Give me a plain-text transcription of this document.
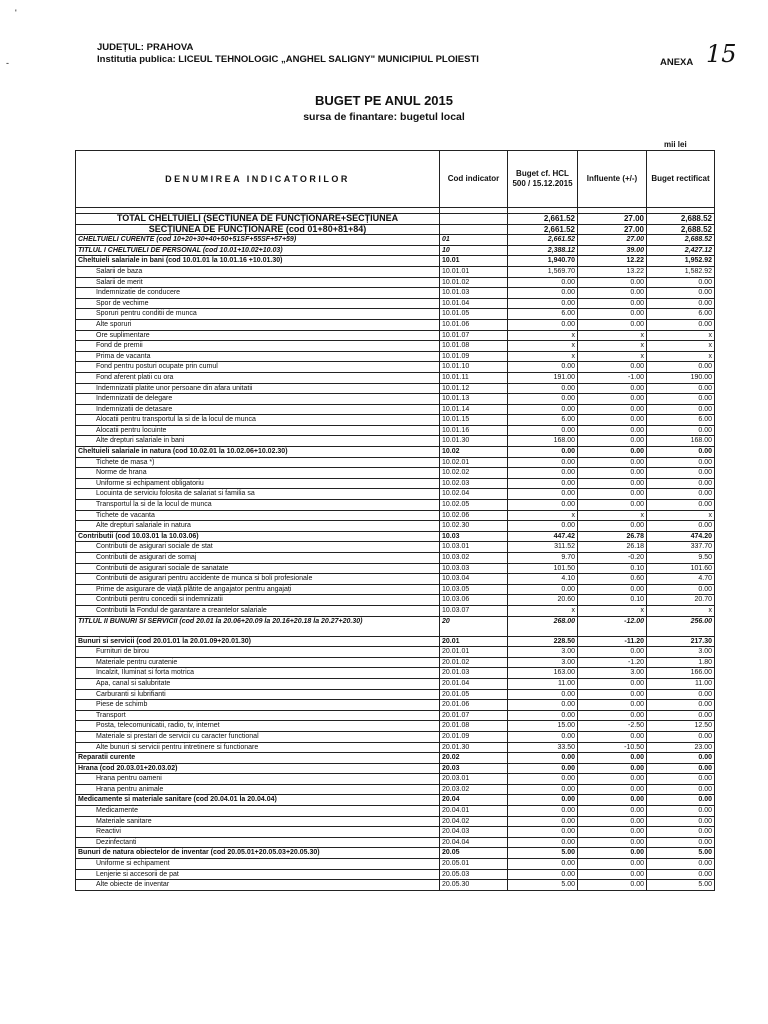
'
-
JUDEȚUL: PRAHOVA
Institutia publica: LICEUL TEHNOLOGIC „ANGHEL SALIGNY" MUNICIPIUL PLOIESTI	ANEXA 15
BUGET PE ANUL 2015
sursa de finantare: bugetul local
mii lei
DENUMIREA INDICATORILOR	Cod indicator	Buget cf. HCL 500 / 15.12.2015	Influente (+/-)	Buget rectificat

TOTAL CHELTUIELI (SECTIUNEA DE FUNCȚIONARE+SECȚIUNEA		2,661.52	27.00	2,688.52
SECȚIUNEA DE FUNCȚIONARE (cod 01+80+81+84)		2,661.52	27.00	2,688.52
CHELTUIELI CURENTE (cod 10+20+30+40+50+51SF+55SF+57+59)	01	2,661.52	27.00	2,688.52
TITLUL I CHELTUIELI DE PERSONAL (cod 10.01+10.02+10.03)	10	2,388.12	39.00	2,427.12
Cheltuieli salariale in bani (cod 10.01.01 la 10.01.16 +10.01.30)	10.01	1,940.70	12.22	1,952.92
Salarii de baza	10.01.01	1,569.70	13.22	1,582.92
Salarii de merit	10.01.02	0.00	0.00	0.00
Indemnizatie de conducere	10.01.03	0.00	0.00	0.00
Spor de vechime	10.01.04	0.00	0.00	0.00
Sporuri pentru conditii de munca	10.01.05	6.00	0.00	6.00
Alte sporuri	10.01.06	0.00	0.00	0.00
Ore suplimentare	10.01.07	x	x	x
Fond de premii	10.01.08	x	x	x
Prima de vacanta	10.01.09	x	x	x
Fond pentru posturi ocupate prin cumul	10.01.10	0.00	0.00	0.00
Fond aferent platii cu ora	10.01.11	191.00	-1.00	190.00
Indemnizatii platite unor persoane din afara unitatii	10.01.12	0.00	0.00	0.00
Indemnizatii de delegare	10.01.13	0.00	0.00	0.00
Indemnizatii de detasare	10.01.14	0.00	0.00	0.00
Alocatii pentru transportul la si de la locul de munca	10.01.15	6.00	0.00	6.00
Alocatii pentru locuinte	10.01.16	0.00	0.00	0.00
Alte drepturi salariale in bani	10.01.30	168.00	0.00	168.00
Cheltuieli salariale in natura (cod 10.02.01 la 10.02.06+10.02.30)	10.02	0.00	0.00	0.00
Tichete de masa *)	10.02.01	0.00	0.00	0.00
Norme de hrana	10.02.02	0.00	0.00	0.00
Uniforme si echipament obligatoriu	10.02.03	0.00	0.00	0.00
Locuinta de serviciu folosita de salariat si familia sa	10.02.04	0.00	0.00	0.00
Transportul la si de la locul de munca	10.02.05	0.00	0.00	0.00
Tichete de vacanta	10.02.06	x	x	x
Alte drepturi salariale in natura	10.02.30	0.00	0.00	0.00
Contributii (cod 10.03.01 la 10.03.06)	10.03	447.42	26.78	474.20
Contributii de asigurari sociale de stat	10.03.01	311.52	26.18	337.70
Contributii de asigurari de somaj	10.03.02	9.70	-0.20	9.50
Contributii de asigurari sociale de sanatate	10.03.03	101.50	0.10	101.60
Contributii de asigurari pentru accidente de munca si boli profesionale	10.03.04	4.10	0.60	4.70
Prime de asigurare de viață plătite de angajator pentru angajați	10.03.05	0.00	0.00	0.00
Contributii pentru concedii si indemnizatii	10.03.06	20.60	0.10	20.70
Contributii la Fondul de garantare a creantelor salariale	10.03.07	x	x	x
TITLUL II BUNURI SI SERVICII (cod 20.01 la 20.06+20.09 la 20.16+20.18 la 20.27+20.30)	20	268.00	-12.00	256.00
Bunuri si servicii (cod 20.01.01 la 20.01.09+20.01.30)	20.01	228.50	-11.20	217.30
Furnituri de birou	20.01.01	3.00	0.00	3.00
Materiale pentru curatenie	20.01.02	3.00	-1.20	1.80
Incalzit, Iluminat si forta motrica	20.01.03	163.00	3.00	166.00
Apa, canal si salubritate	20.01.04	11.00	0.00	11.00
Carburanti si lubrifianti	20.01.05	0.00	0.00	0.00
Piese de schimb	20.01.06	0.00	0.00	0.00
Transport	20.01.07	0.00	0.00	0.00
Posta, telecomunicatii, radio, tv, internet	20.01.08	15.00	-2.50	12.50
Materiale si prestari de servicii cu caracter functional	20.01.09	0.00	0.00	0.00
Alte bunuri si servicii pentru intretinere si functionare	20.01.30	33.50	-10.50	23.00
Reparatii curente	20.02	0.00	0.00	0.00
Hrana (cod 20.03.01+20.03.02)	20.03	0.00	0.00	0.00
Hrana pentru oameni	20.03.01	0.00	0.00	0.00
Hrana pentru animale	20.03.02	0.00	0.00	0.00
Medicamente si materiale sanitare (cod 20.04.01 la 20.04.04)	20.04	0.00	0.00	0.00
Medicamente	20.04.01	0.00	0.00	0.00
Materiale sanitare	20.04.02	0.00	0.00	0.00
Reactivi	20.04.03	0.00	0.00	0.00
Dezinfectanti	20.04.04	0.00	0.00	0.00
Bunuri de natura obiectelor de inventar (cod 20.05.01+20.05.03+20.05.30)	20.05	5.00	0.00	5.00
Uniforme si echipament	20.05.01	0.00	0.00	0.00
Lenjerie si accesorii de pat	20.05.03	0.00	0.00	0.00
Alte obiecte de inventar	20.05.30	5.00	0.00	5.00
